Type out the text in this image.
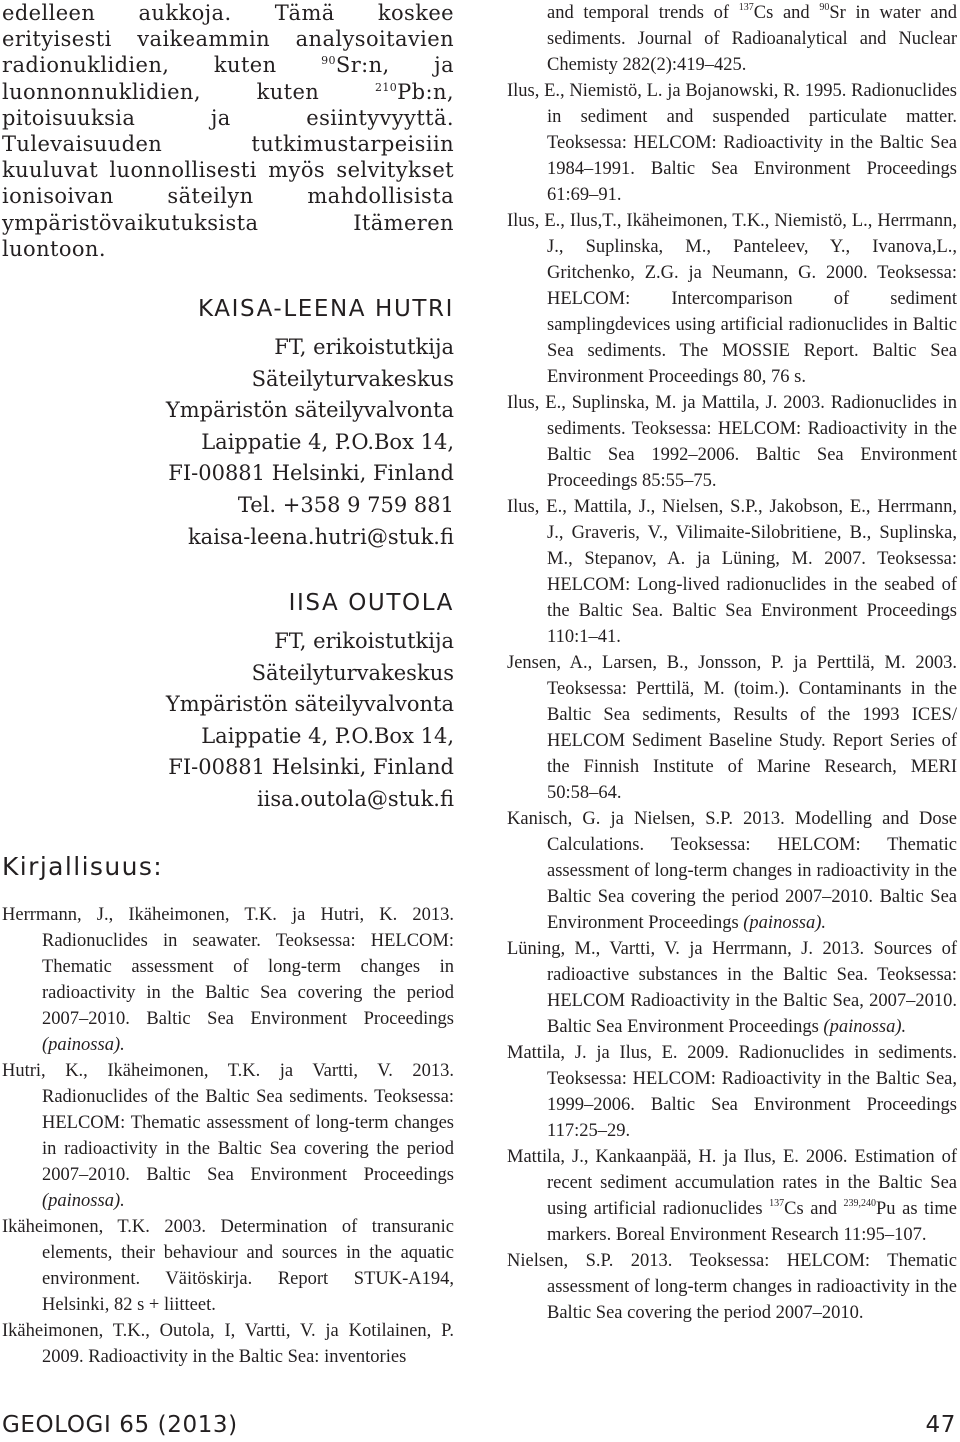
edelleen aukkoja. Tämä koskee erityisesti vaikeammin analysoitavien radionuklidien, kuten $^{90}$Sr:n, ja luonnonnuklidien, kuten $^{210}$Pb:n, pitoisuuksia ja esiintyvyyttä. Tulevaisuuden tutkimustarpeisiin kuuluvat luonnollisesti myös selvitykset ionisoivan säteilyn mahdollisista ympäristövaikutuksista Itämeren luontoon.

KAISA-LEENA HUTRI
FT, erikoistutkija
Säteilyturvakeskus
Ympäristön säteilyvalvonta
Laippatie 4, P.O.Box 14,
FI-00881 Helsinki, Finland
Tel. +358 9 759 881
kaisa-leena.hutri@stuk.fi
IISA OUTOLA
FT, erikoistutkija
Säteilyturvakeskus
Ympäristön säteilyvalvonta
Laippatie 4, P.O.Box 14,
FI-00881 Helsinki, Finland
iisa.outola@stuk.fi
Kirjallisuus:
Herrmann, J., Ikäheimonen, T.K. ja Hutri, K. 2013. Radionuclides in seawater. Teoksessa: HELCOM: Thematic assessment of long-term changes in radioactivity in the Baltic Sea covering the period 2007–2010. Baltic Sea Environment Proceedings (painossa).
Hutri, K., Ikäheimonen, T.K. ja Vartti, V. 2013. Radionuclides of the Baltic Sea sediments. Teoksessa: HELCOM: Thematic assessment of long-term changes in radioactivity in the Baltic Sea covering the period 2007–2010. Baltic Sea Environment Proceedings (painossa).
Ikäheimonen, T.K. 2003. Determination of transuranic elements, their behaviour and sources in the aquatic environment. Väitöskirja. Report STUK-A194, Helsinki, 82 s + liitteet.
Ikäheimonen, T.K., Outola, I, Vartti, V. ja Kotilainen, P. 2009. Radioactivity in the Baltic Sea: inventories
and temporal trends of $^{137}$Cs and $^{90}$Sr in water and sediments. Journal of Radioanalytical and Nuclear Chemisty 282(2):419–425.
Ilus, E., Niemistö, L. ja Bojanowski, R. 1995. Radionuclides in sediment and suspended particulate matter. Teoksessa: HELCOM: Radioactivity in the Baltic Sea 1984–1991. Baltic Sea Environment Proceedings 61:69–91.
Ilus, E., Ilus,T., Ikäheimonen, T.K., Niemistö, L., Herrmann, J., Suplinska, M., Panteleev, Y., Ivanova,L., Gritchenko, Z.G. ja Neumann, G. 2000. Teoksessa: HELCOM: Intercomparison of sediment samplingdevices using artificial radionuclides in Baltic Sea sediments. The MOSSIE Report. Baltic Sea Environment Proceedings 80, 76 s.
Ilus, E., Suplinska, M. ja Mattila, J. 2003. Radionuclides in sediments. Teoksessa: HELCOM: Radioactivity in the Baltic Sea 1992–2006. Baltic Sea Environment Proceedings 85:55–75.
Ilus, E., Mattila, J., Nielsen, S.P., Jakobson, E., Herrmann, J., Graveris, V., Vilimaite-Silobritiene, B., Suplinska, M., Stepanov, A. ja Lüning, M. 2007. Teoksessa: HELCOM: Long-lived radionuclides in the seabed of the Baltic Sea. Baltic Sea Environment Proceedings 110:1–41.
Jensen, A., Larsen, B., Jonsson, P. ja Perttilä, M. 2003. Teoksessa: Perttilä, M. (toim.). Contaminants in the Baltic Sea sediments, Results of the 1993 ICES/ HELCOM Sediment Baseline Study. Report Series of the Finnish Institute of Marine Research, MERI 50:58–64.
Kanisch, G. ja Nielsen, S.P. 2013. Modelling and Dose Calculations. Teoksessa: HELCOM: Thematic assessment of long-term changes in radioactivity in the Baltic Sea covering the period 2007–2010. Baltic Sea Environment Proceedings (painossa).
Lüning, M., Vartti, V. ja Herrmann, J. 2013. Sources of radioactive substances in the Baltic Sea. Teoksessa: HELCOM Radioactivity in the Baltic Sea, 2007–2010. Baltic Sea Environment Proceedings (painossa).
Mattila, J. ja Ilus, E. 2009. Radionuclides in sediments. Teoksessa: HELCOM: Radioactivity in the Baltic Sea, 1999–2006. Baltic Sea Environment Proceedings 117:25–29.
Mattila, J., Kankaanpää, H. ja Ilus, E. 2006. Estimation of recent sediment accumulation rates in the Baltic Sea using artificial radionuclides $^{137}$Cs and $^{239,240}$Pu as time markers. Boreal Environment Research 11:95–107.
Nielsen, S.P. 2013. Teoksessa: HELCOM: Thematic assessment of long-term changes in radioactivity in the Baltic Sea covering the period 2007–2010.
GEOLOGI 65 (2013)	47
